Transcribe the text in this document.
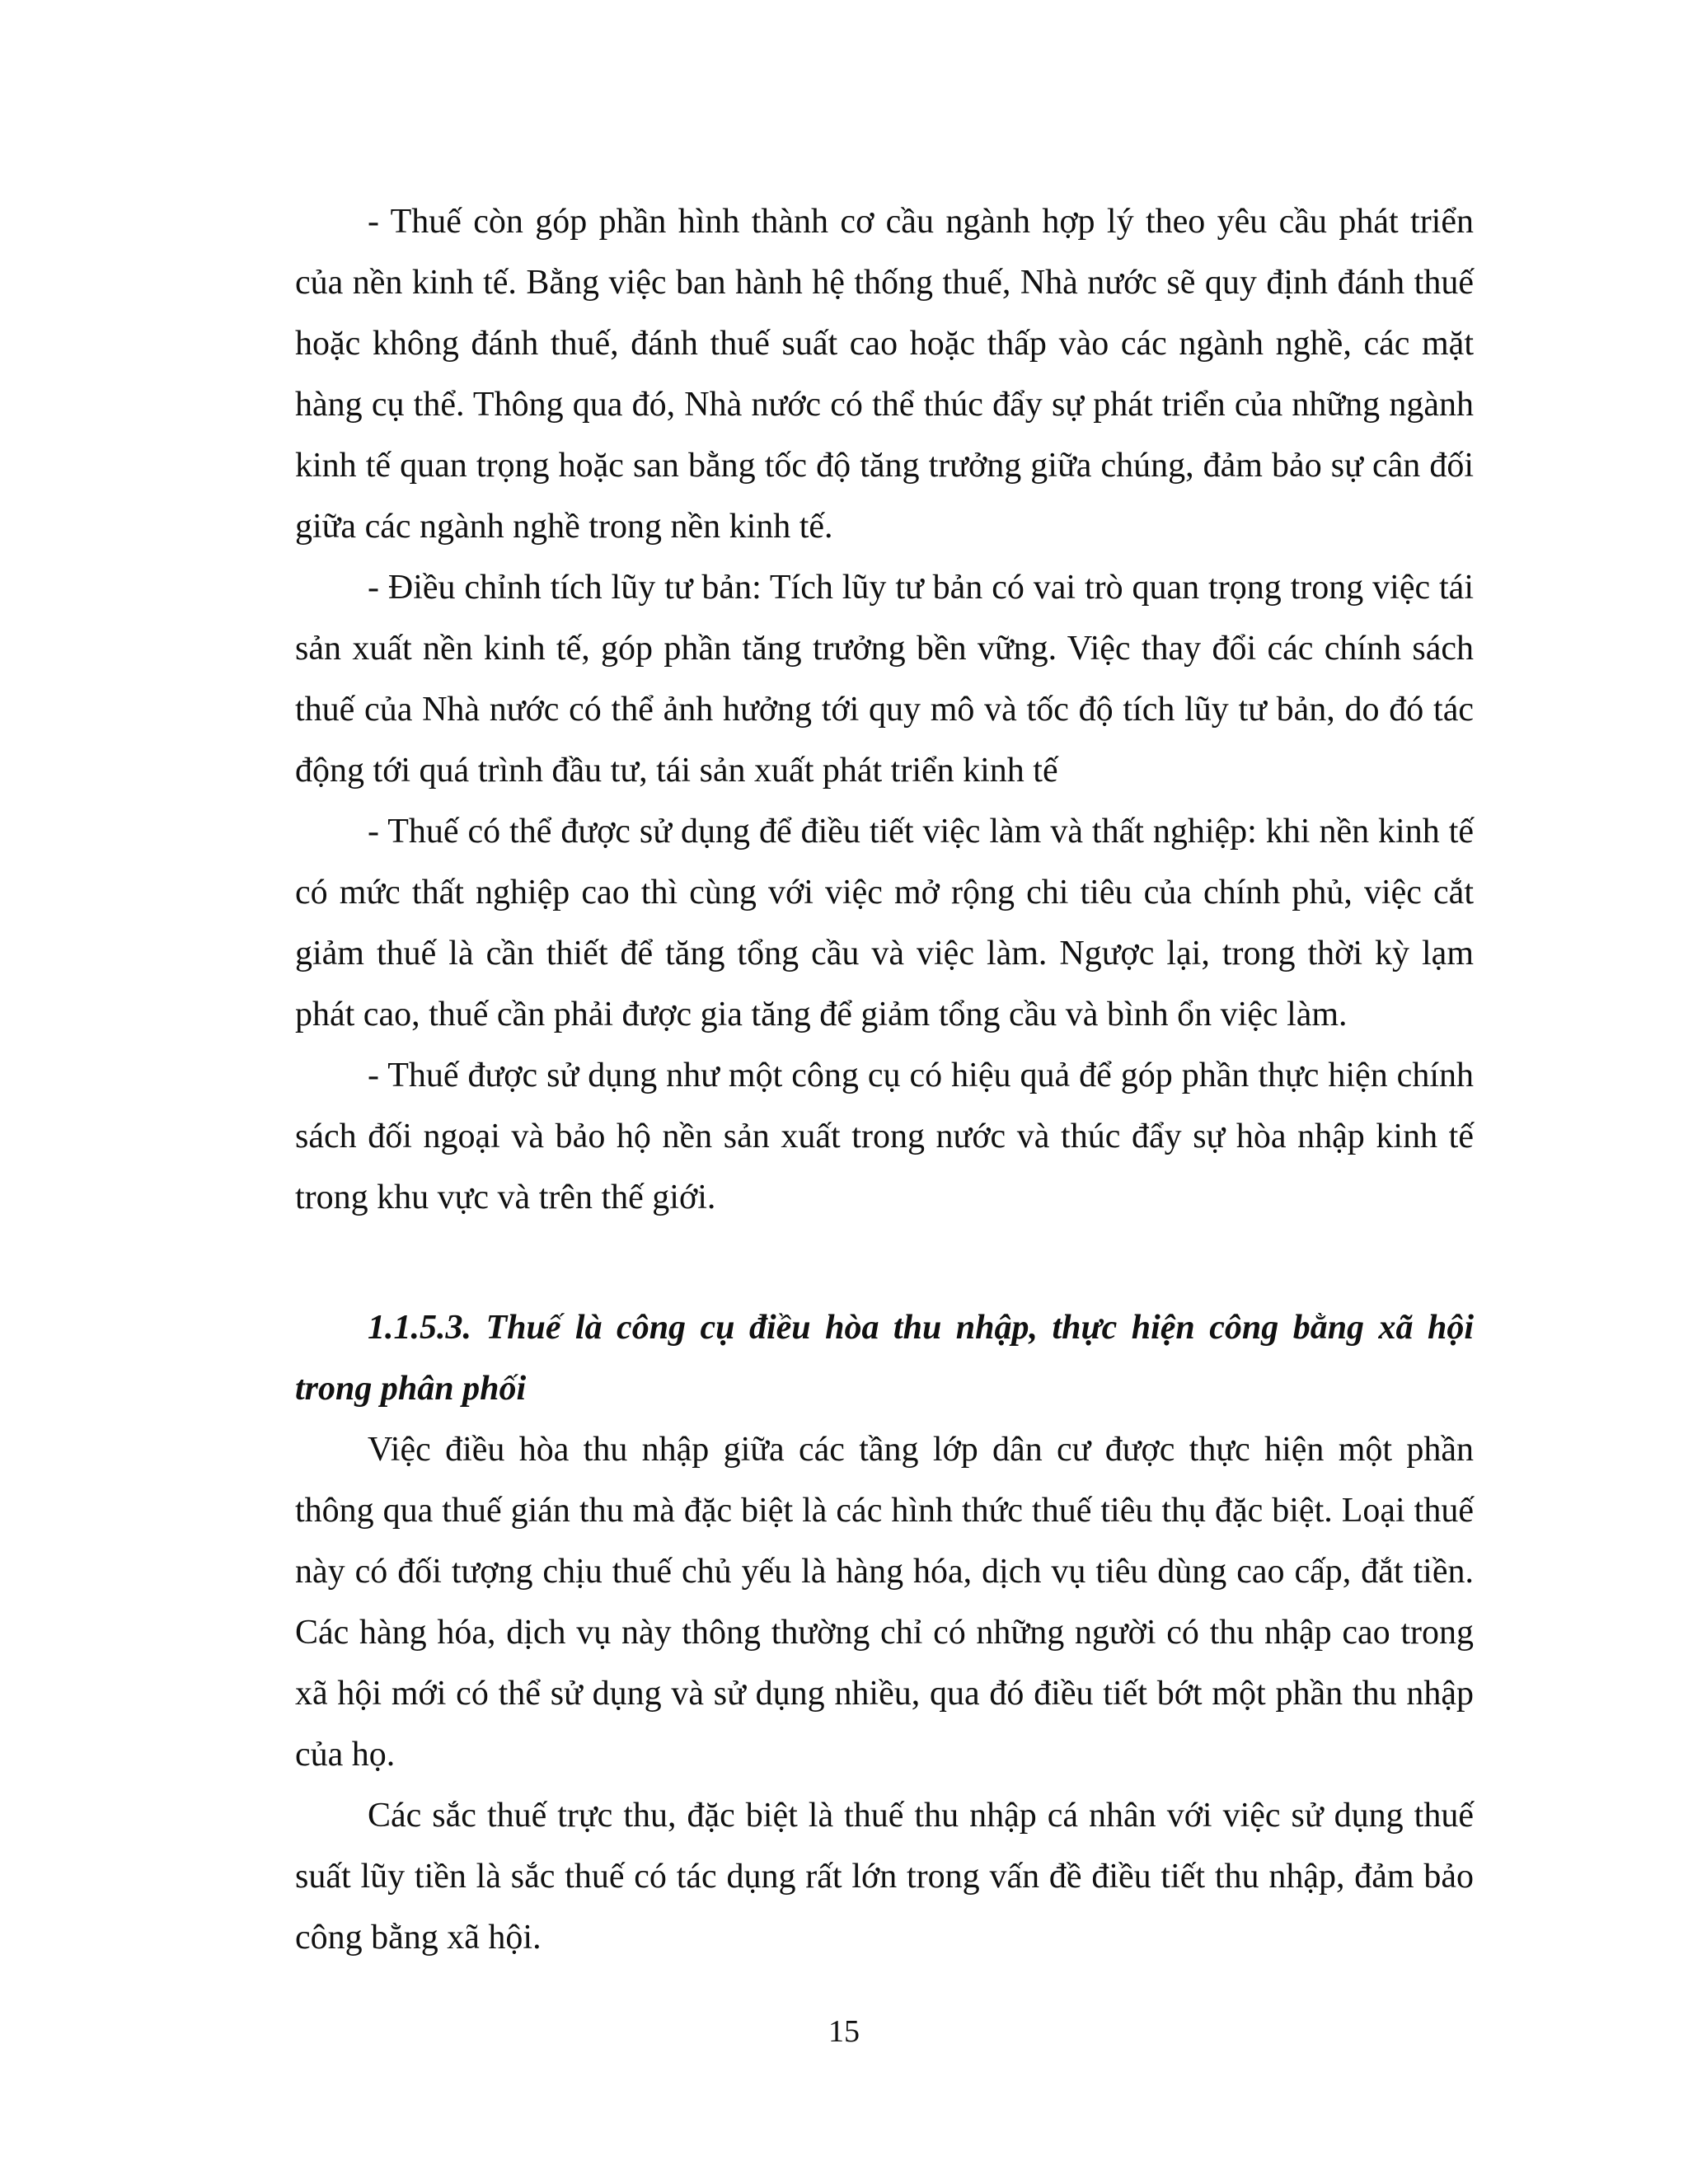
- Thuế còn góp phần hình thành cơ cầu ngành hợp lý theo yêu cầu phát triển của nền kinh tế. Bằng việc ban hành hệ thống thuế, Nhà nước sẽ quy định đánh thuế hoặc không đánh thuế, đánh thuế suất cao hoặc thấp vào các ngành nghề, các mặt hàng cụ thể. Thông qua đó, Nhà nước có thể thúc đẩy sự phát triển của những ngành kinh tế quan trọng hoặc san bằng tốc độ tăng trưởng giữa chúng, đảm bảo sự cân đối giữa các ngành nghề trong nền kinh tế.

- Điều chỉnh tích lũy tư bản: Tích lũy tư bản có vai trò quan trọng trong việc tái sản xuất nền kinh tế, góp phần tăng trưởng bền vững. Việc thay đổi các chính sách thuế của Nhà nước có thể ảnh hưởng tới quy mô và tốc độ tích lũy tư bản, do đó tác động tới quá trình đầu tư, tái sản xuất phát triển kinh tế

- Thuế có thể được sử dụng để điều tiết việc làm và thất nghiệp: khi nền kinh tế có mức thất nghiệp cao thì cùng với việc mở rộng chi tiêu của chính phủ, việc cắt giảm thuế là cần thiết để tăng tổng cầu và việc làm. Ngược lại, trong thời kỳ lạm phát cao, thuế cần phải được gia tăng để giảm tổng cầu và bình ổn việc làm.

- Thuế được sử dụng như một công cụ có hiệu quả để góp phần thực hiện chính sách đối ngoại và bảo hộ nền sản xuất trong nước và thúc đẩy sự hòa nhập kinh tế trong khu vực và trên thế giới.

1.1.5.3. Thuế là công cụ điều hòa thu nhập, thực hiện công bằng xã hội trong phân phối

Việc điều hòa thu nhập giữa các tầng lớp dân cư được thực hiện một phần thông qua thuế gián thu mà đặc biệt là các hình thức thuế tiêu thụ đặc biệt. Loại thuế này có đối tượng chịu thuế chủ yếu là hàng hóa, dịch vụ tiêu dùng cao cấp, đắt tiền. Các hàng hóa, dịch vụ này thông thường chỉ có những người có thu nhập cao trong xã hội mới có thể sử dụng và sử dụng nhiều, qua đó điều tiết bớt một phần thu nhập của họ.

Các sắc thuế trực thu, đặc biệt là thuế thu nhập cá nhân với việc sử dụng thuế suất lũy tiền là sắc thuế có tác dụng rất lớn trong vấn đề điều tiết thu nhập, đảm bảo công bằng xã hội.

15
